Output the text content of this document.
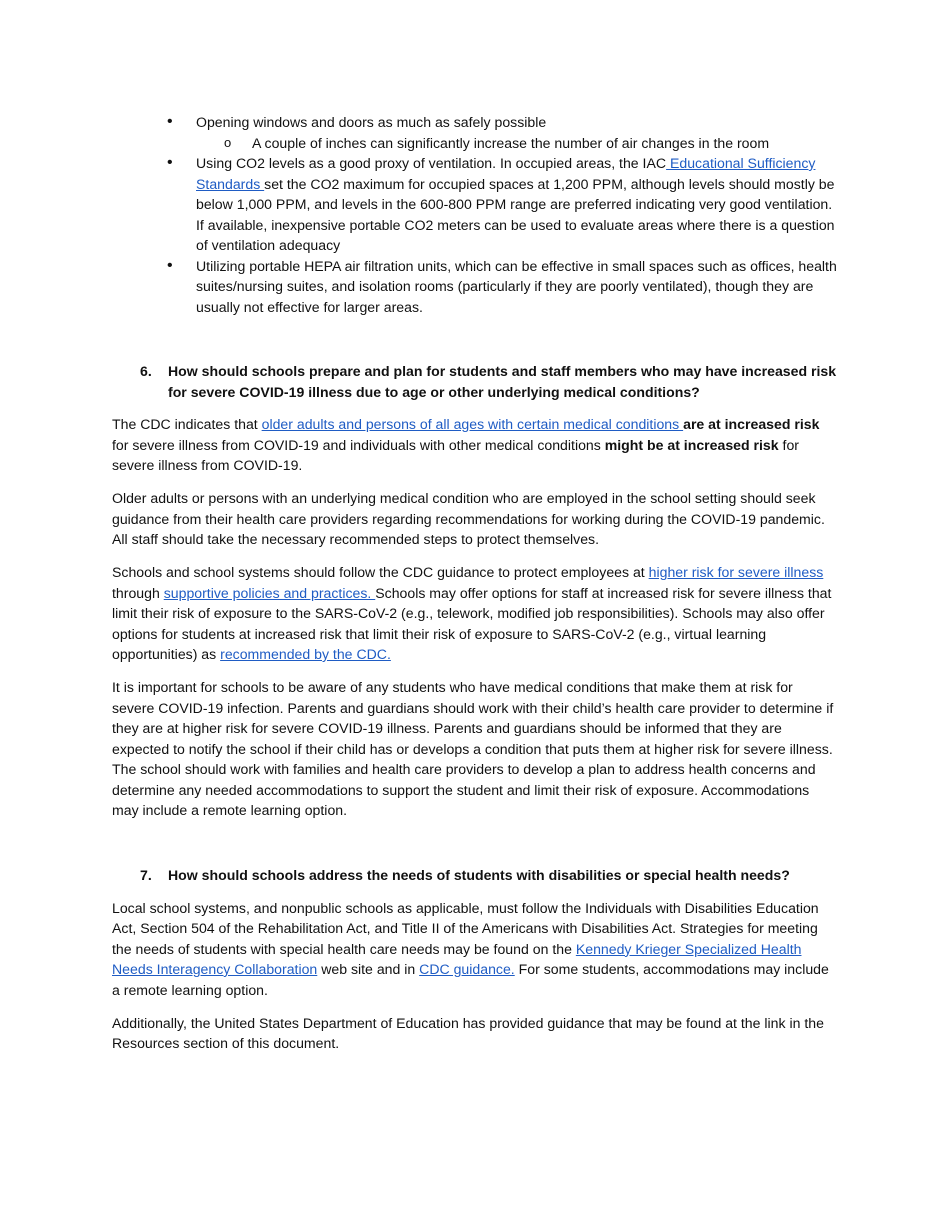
• Opening windows and doors as much as safely possible
o A couple of inches can significantly increase the number of air changes in the room
• Using CO2 levels as a good proxy of ventilation. In occupied areas, the IAC Educational Sufficiency Standards set the CO2 maximum for occupied spaces at 1,200 PPM, although levels should mostly be below 1,000 PPM, and levels in the 600-800 PPM range are preferred indicating very good ventilation. If available, inexpensive portable CO2 meters can be used to evaluate areas where there is a question of ventilation adequacy
• Utilizing portable HEPA air filtration units, which can be effective in small spaces such as offices, health suites/nursing suites, and isolation rooms (particularly if they are poorly ventilated), though they are usually not effective for larger areas.
6. How should schools prepare and plan for students and staff members who may have increased risk for severe COVID-19 illness due to age or other underlying medical conditions?

The CDC indicates that older adults and persons of all ages with certain medical conditions are at increased risk for severe illness from COVID-19 and individuals with other medical conditions might be at increased risk for severe illness from COVID-19.

Older adults or persons with an underlying medical condition who are employed in the school setting should seek guidance from their health care providers regarding recommendations for working during the COVID-19 pandemic. All staff should take the necessary recommended steps to protect themselves.

Schools and school systems should follow the CDC guidance to protect employees at higher risk for severe illness through supportive policies and practices. Schools may offer options for staff at increased risk for severe illness that limit their risk of exposure to the SARS-CoV-2 (e.g., telework, modified job responsibilities). Schools may also offer options for students at increased risk that limit their risk of exposure to SARS-CoV-2 (e.g., virtual learning opportunities) as recommended by the CDC.

It is important for schools to be aware of any students who have medical conditions that make them at risk for severe COVID-19 infection. Parents and guardians should work with their child’s health care provider to determine if they are at higher risk for severe COVID-19 illness. Parents and guardians should be informed that they are expected to notify the school if their child has or develops a condition that puts them at higher risk for severe illness. The school should work with families and health care providers to develop a plan to address health concerns and determine any needed accommodations to support the student and limit their risk of exposure. Accommodations may include a remote learning option.

7. How should schools address the needs of students with disabilities or special health needs?

Local school systems, and nonpublic schools as applicable, must follow the Individuals with Disabilities Education Act, Section 504 of the Rehabilitation Act, and Title II of the Americans with Disabilities Act. Strategies for meeting the needs of students with special health care needs may be found on the Kennedy Krieger Specialized Health Needs Interagency Collaboration web site and in CDC guidance. For some students, accommodations may include a remote learning option.

Additionally, the United States Department of Education has provided guidance that may be found at the link in the Resources section of this document.
